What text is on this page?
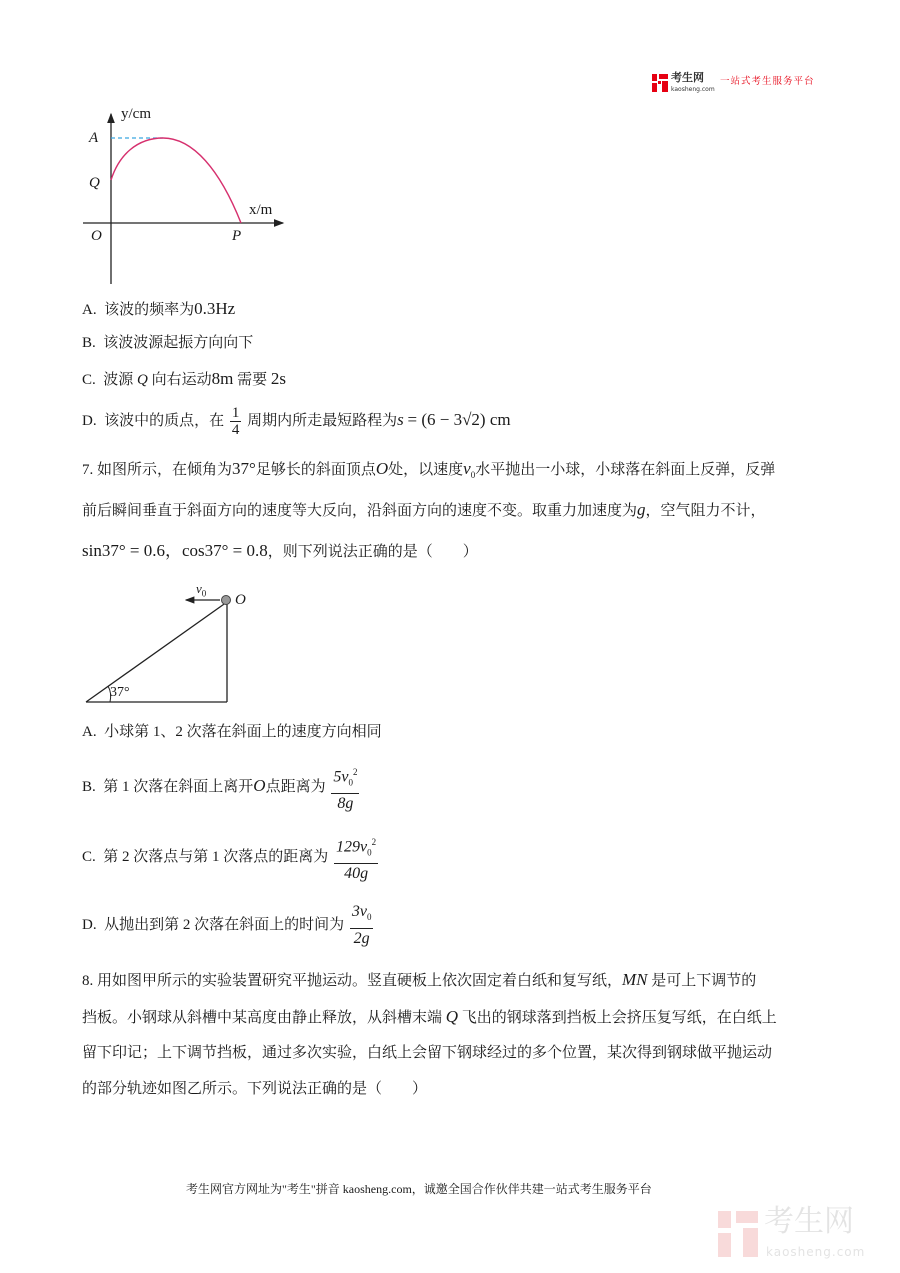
考生网
kaosheng.com
一站式考生服务平台
y/cm
A
Q
x/m
O	P
A. 该波的频率为0.3Hz
B. 该波波源起振方向向下
C. 波源 Q 向右运动8m 需要 2s
D. 该波中的质点，在 $\frac{1}{4}$ 周期内所走最短路程为s = (6 − 3√2) cm
7. 如图所示，在倾角为37°足够长的斜面顶点O处，以速度$v_0$水平抛出一小球，小球落在斜面上反弹，反弹
前后瞬间垂直于斜面方向的速度等大反向，沿斜面方向的速度不变。取重力加速度为g，空气阻力不计，
sin37° = 0.6，cos37° = 0.8，则下列说法正确的是（　　）
$v_0$ O
37°
A. 小球第 1、2 次落在斜面上的速度方向相同
B. 第 1 次落在斜面上离开O点距离为 $\frac{5v_0^2}{8g}$
C. 第 2 次落点与第 1 次落点的距离为 $\frac{129v_0^2}{40g}$
D. 从抛出到第 2 次落在斜面上的时间为 $\frac{3v_0}{2g}$
8. 用如图甲所示的实验装置研究平抛运动。竖直硬板上依次固定着白纸和复写纸，MN 是可上下调节的
挡板。小钢球从斜槽中某高度由静止释放，从斜槽末端 Q 飞出的钢球落到挡板上会挤压复写纸，在白纸上
留下印记；上下调节挡板，通过多次实验，白纸上会留下钢球经过的多个位置，某次得到钢球做平抛运动
的部分轨迹如图乙所示。下列说法正确的是（　　）
考生网官方网址为"考生"拼音 kaosheng.com，诚邀全国合作伙伴共建一站式考生服务平台
考生网
kaosheng.com
